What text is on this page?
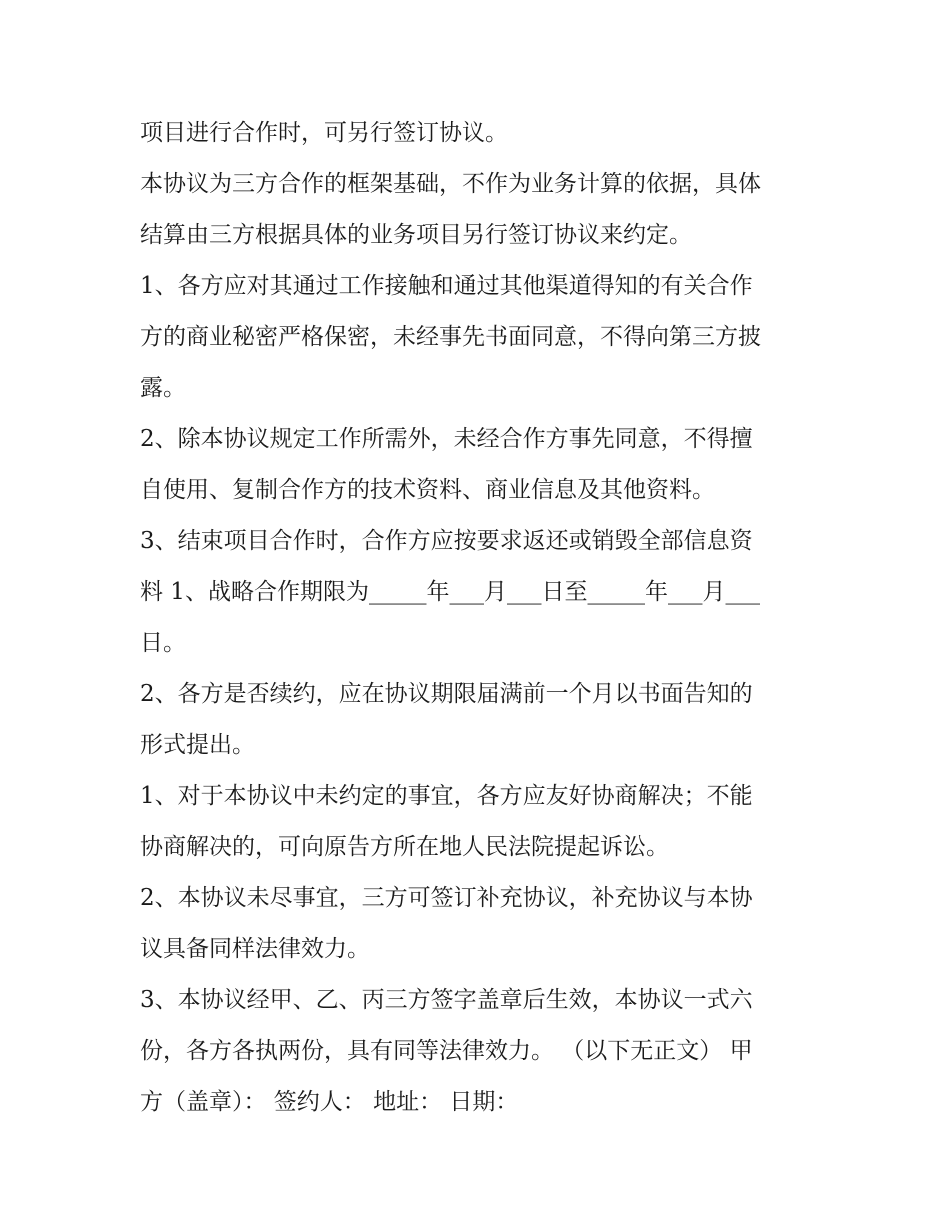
项目进行合作时，可另行签订协议。
本协议为三方合作的框架基础，不作为业务计算的依据，具体
结算由三方根据具体的业务项目另行签订协议来约定。
1、各方应对其通过工作接触和通过其他渠道得知的有关合作
方的商业秘密严格保密，未经事先书面同意，不得向第三方披
露。
2、除本协议规定工作所需外，未经合作方事先同意，不得擅
自使用、复制合作方的技术资料、商业信息及其他资料。
3、结束项目合作时，合作方应按要求返还或销毁全部信息资
料 1、战略合作期限为_____年___月___日至_____年___月___
日。
2、各方是否续约，应在协议期限届满前一个月以书面告知的
形式提出。
1、对于本协议中未约定的事宜，各方应友好协商解决；不能
协商解决的，可向原告方所在地人民法院提起诉讼。
2、本协议未尽事宜，三方可签订补充协议，补充协议与本协
议具备同样法律效力。
3、本协议经甲、乙、丙三方签字盖章后生效，本协议一式六
份，各方各执两份，具有同等法律效力。 （以下无正文） 甲
方（盖章）： 签约人： 地址： 日期：
